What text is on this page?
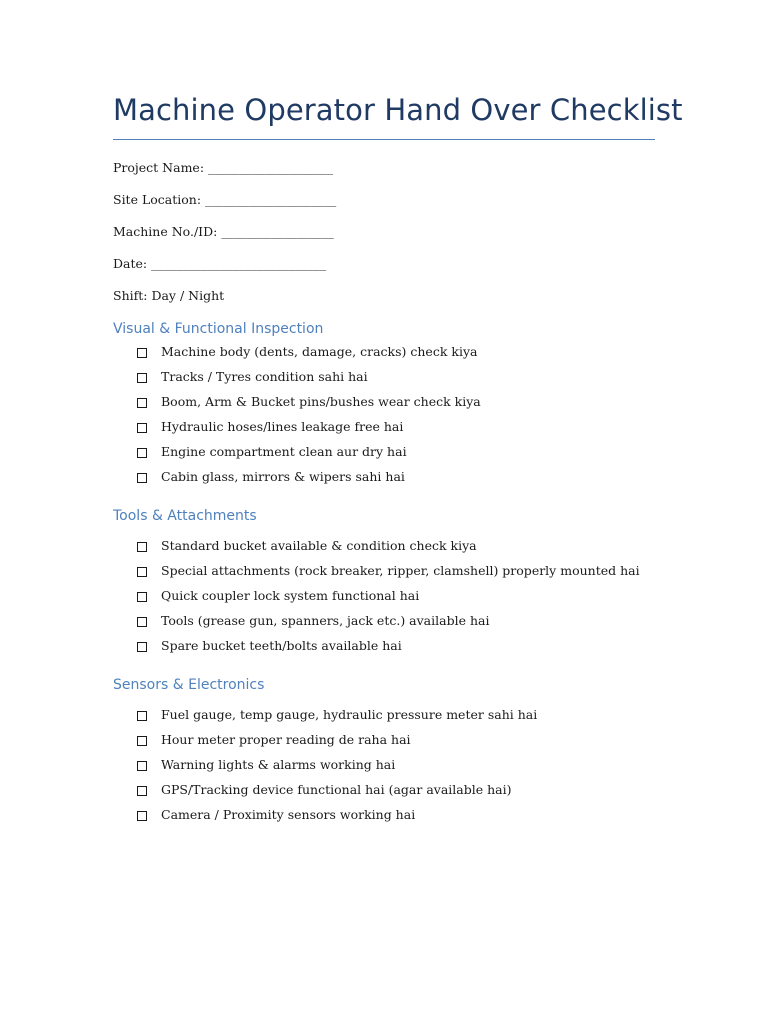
Machine Operator Hand Over Checklist
Project Name: ____________________
Site Location: _____________________
Machine No./ID: __________________
Date: ____________________________
Shift: Day / Night
Visual & Functional Inspection
Machine body (dents, damage, cracks) check kiya
Tracks / Tyres condition sahi hai
Boom, Arm & Bucket pins/bushes wear check kiya
Hydraulic hoses/lines leakage free hai
Engine compartment clean aur dry hai
Cabin glass, mirrors & wipers sahi hai
Tools & Attachments
Standard bucket available & condition check kiya
Special attachments (rock breaker, ripper, clamshell) properly mounted hai
Quick coupler lock system functional hai
Tools (grease gun, spanners, jack etc.) available hai
Spare bucket teeth/bolts available hai
Sensors & Electronics
Fuel gauge, temp gauge, hydraulic pressure meter sahi hai
Hour meter proper reading de raha hai
Warning lights & alarms working hai
GPS/Tracking device functional hai (agar available hai)
Camera / Proximity sensors working hai
